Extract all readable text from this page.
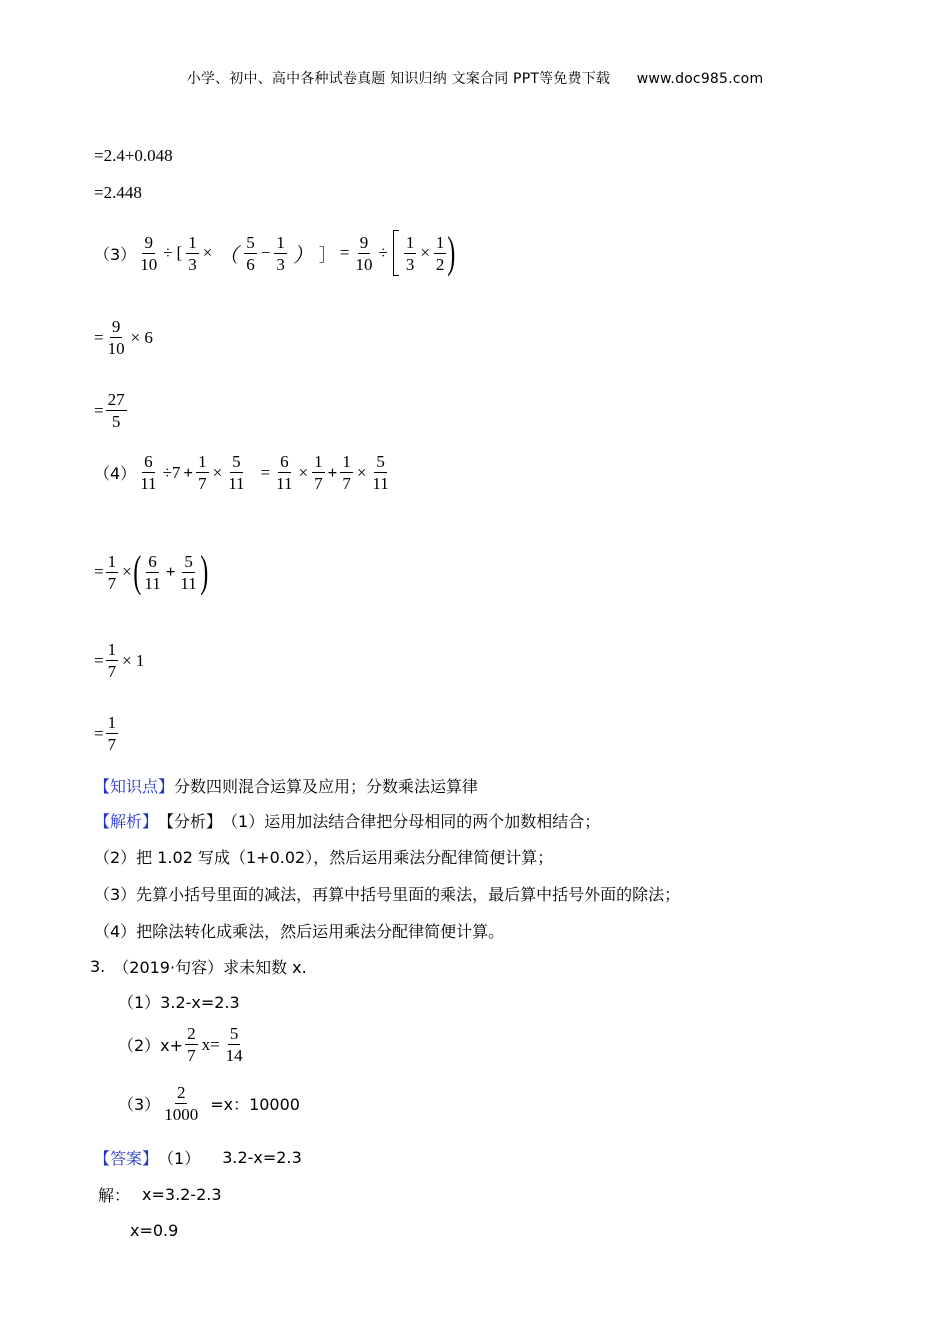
小学、初中、高中各种试卷真题 知识归纳 文案合同 PPT等免费下载 www.doc985.com
=2.4+0.048
=2.448
$(3) \frac{9}{10}$ ÷ [ $\frac{1}{3}$ × （ $\frac{5}{6} - \frac{1}{3}$ ） ］ = $\frac{9}{10} \div \frac{1}{3} \times \frac{1}{2}$ )
= $\frac{9}{10} \times 6$
= $\frac{27}{5}$
$(4) \frac{6}{11} \div 7 + \frac{1}{7} \times \frac{5}{11} = \frac{6}{11} \times \frac{1}{7} + \frac{1}{7} \times \frac{5}{11}$
= $\frac{1}{7}$ × ( $\frac{6}{11} + \frac{5}{11}$ )
= $\frac{1}{7} \times 1$
= $\frac{1}{7}$
【知识点】 分数四则混合运算及应用；分数乘法运算律
【解析】 【分析】 （1）运用加法结合律把分母相同的两个加数相结合；
（2）把 1.02 写成（1+0.02），然后运用乘法分配律简便计算；
（3）先算小括号里面的减法，再算中括号里面的乘法，最后算中括号外面的除法；
（4）把除法转化成乘法，然后运用乘法分配律简便计算。
3. （2019·句容）求未知数 x.
（1）3.2-x=2.3
$(2)x+ \frac{2}{7} x= \frac{5}{14}$
$(3) \frac{2}{1000} =x$：10000
【答案】 （1） 3.2-x=2.3
解： x=3.2-2.3
x=0.9
